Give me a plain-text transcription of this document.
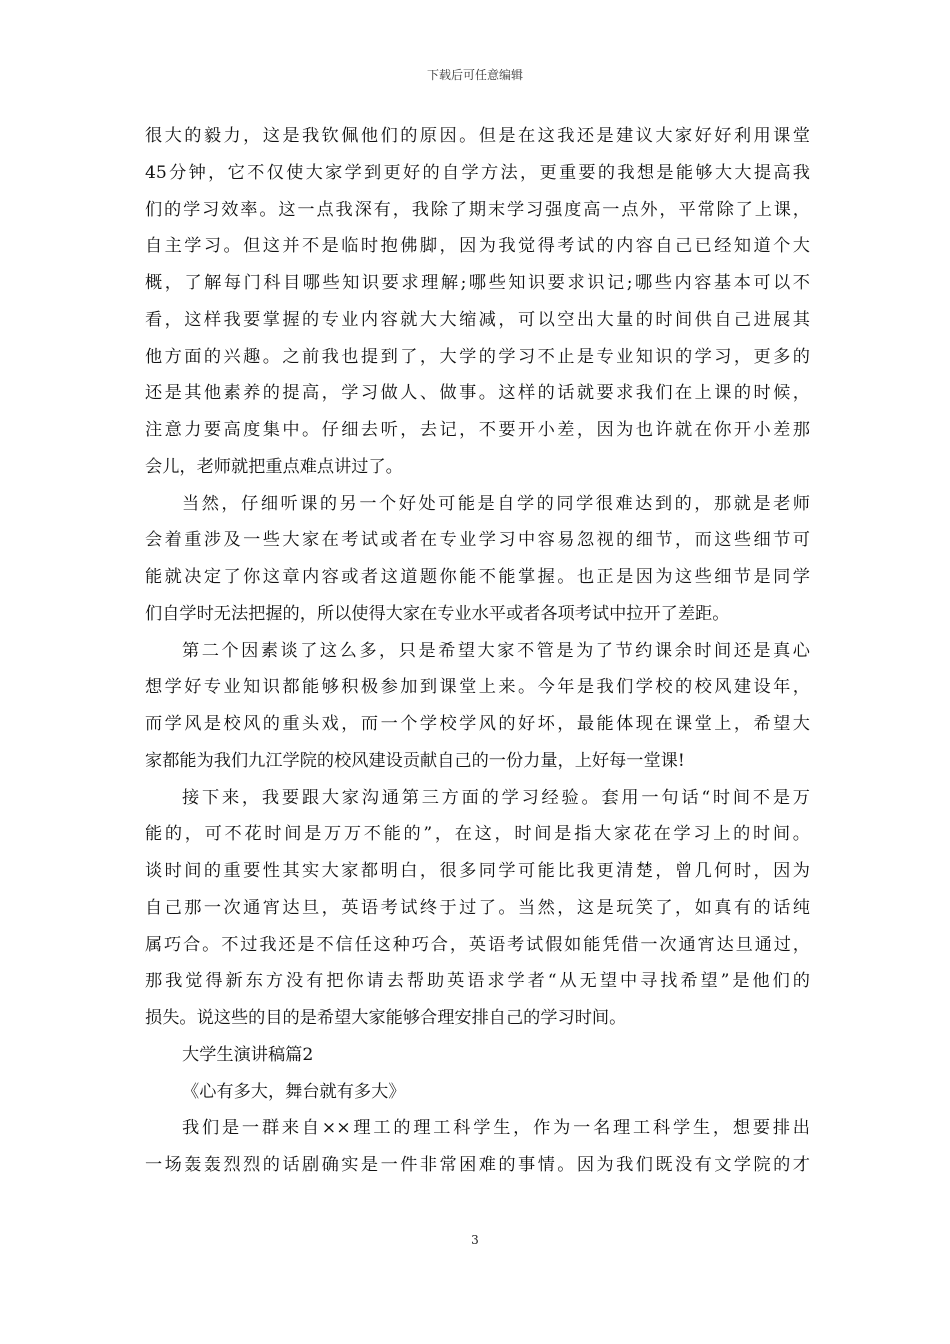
下载后可任意编辑
很大的毅力，这是我钦佩他们的原因。但是在这我还是建议大家好好利用课堂
45分钟，它不仅使大家学到更好的自学方法，更重要的我想是能够大大提高我
们的学习效率。这一点我深有，我除了期末学习强度高一点外，平常除了上课，
自主学习。但这并不是临时抱佛脚，因为我觉得考试的内容自己已经知道个大
概，了解每门科目哪些知识要求理解;哪些知识要求识记;哪些内容基本可以不
看，这样我要掌握的专业内容就大大缩减，可以空出大量的时间供自己进展其
他方面的兴趣。之前我也提到了，大学的学习不止是专业知识的学习，更多的
还是其他素养的提高，学习做人、做事。这样的话就要求我们在上课的时候，
注意力要高度集中。仔细去听，去记，不要开小差，因为也许就在你开小差那
会儿，老师就把重点难点讲过了。
当然，仔细听课的另一个好处可能是自学的同学很难达到的，那就是老师
会着重涉及一些大家在考试或者在专业学习中容易忽视的细节，而这些细节可
能就决定了你这章内容或者这道题你能不能掌握。也正是因为这些细节是同学
们自学时无法把握的，所以使得大家在专业水平或者各项考试中拉开了差距。
第二个因素谈了这么多，只是希望大家不管是为了节约课余时间还是真心
想学好专业知识都能够积极参加到课堂上来。今年是我们学校的校风建设年，
而学风是校风的重头戏，而一个学校学风的好坏，最能体现在课堂上，希望大
家都能为我们九江学院的校风建设贡献自己的一份力量，上好每一堂课!
接下来，我要跟大家沟通第三方面的学习经验。套用一句话“时间不是万
能的，可不花时间是万万不能的”，在这，时间是指大家花在学习上的时间。
谈时间的重要性其实大家都明白，很多同学可能比我更清楚，曾几何时，因为
自己那一次通宵达旦，英语考试终于过了。当然，这是玩笑了，如真有的话纯
属巧合。不过我还是不信任这种巧合，英语考试假如能凭借一次通宵达旦通过，
那我觉得新东方没有把你请去帮助英语求学者“从无望中寻找希望”是他们的
损失。说这些的目的是希望大家能够合理安排自己的学习时间。
大学生演讲稿篇2
《心有多大，舞台就有多大》
我们是一群来自××理工的理工科学生，作为一名理工科学生，想要排出
一场轰轰烈烈的话剧确实是一件非常困难的事情。因为我们既没有文学院的才
3
